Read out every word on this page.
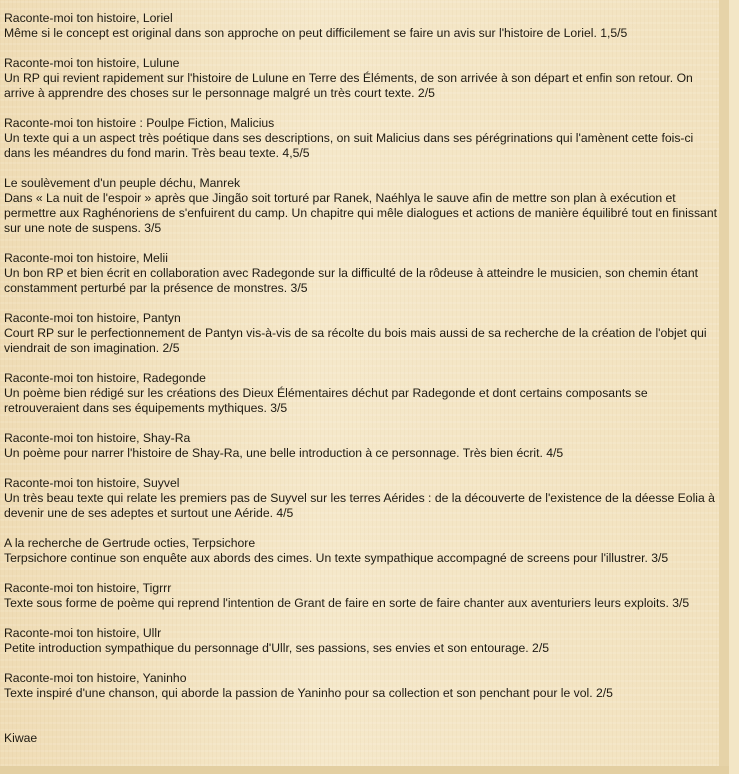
Raconte-moi ton histoire, Loriel
Même si le concept est original dans son approche on peut difficilement se faire un avis sur l'histoire de Loriel. 1,5/5
Raconte-moi ton histoire, Lulune
Un RP qui revient rapidement sur l'histoire de Lulune en Terre des Éléments, de son arrivée à son départ et enfin son retour. On arrive à apprendre des choses sur le personnage malgré un très court texte. 2/5
Raconte-moi ton histoire : Poulpe Fiction, Malicius
Un texte qui a un aspect très poétique dans ses descriptions, on suit Malicius dans ses pérégrinations qui l'amènent cette fois-ci dans les méandres du fond marin. Très beau texte. 4,5/5
Le soulèvement d'un peuple déchu, Manrek
Dans « La nuit de l'espoir » après que Jingão soit torturé par Ranek, Naéhlya le sauve afin de mettre son plan à exécution et permettre aux Raghénoriens de s'enfuirent du camp. Un chapitre qui mêle dialogues et actions de manière équilibré tout en finissant sur une note de suspens. 3/5
Raconte-moi ton histoire, Melii
Un bon RP et bien écrit en collaboration avec Radegonde sur la difficulté de la rôdeuse à atteindre le musicien, son chemin étant constamment perturbé par la présence de monstres. 3/5
Raconte-moi ton histoire, Pantyn
Court RP sur le perfectionnement de Pantyn vis-à-vis de sa récolte du bois mais aussi de sa recherche de la création de l'objet qui viendrait de son imagination. 2/5
Raconte-moi ton histoire, Radegonde
Un poème bien rédigé sur les créations des Dieux Élémentaires déchut par Radegonde et dont certains composants se retrouveraient dans ses équipements mythiques. 3/5
Raconte-moi ton histoire, Shay-Ra
Un poème pour narrer l'histoire de Shay-Ra, une belle introduction à ce personnage. Très bien écrit. 4/5
Raconte-moi ton histoire, Suyvel
Un très beau texte qui relate les premiers pas de Suyvel sur les terres Aérides : de la découverte de l'existence de la déesse Eolia à devenir une de ses adeptes et surtout une Aéride. 4/5
A la recherche de Gertrude octies, Terpsichore
Terpsichore continue son enquête aux abords des cimes. Un texte sympathique accompagné de screens pour l'illustrer. 3/5
Raconte-moi ton histoire, Tigrrr
Texte sous forme de poème qui reprend l'intention de Grant de faire en sorte de faire chanter aux aventuriers leurs exploits. 3/5
Raconte-moi ton histoire, Ullr
Petite introduction sympathique du personnage d'Ullr, ses passions, ses envies et son entourage. 2/5
Raconte-moi ton histoire, Yaninho
Texte inspiré d'une chanson, qui aborde la passion de Yaninho pour sa collection et son penchant pour le vol. 2/5
Kiwae
